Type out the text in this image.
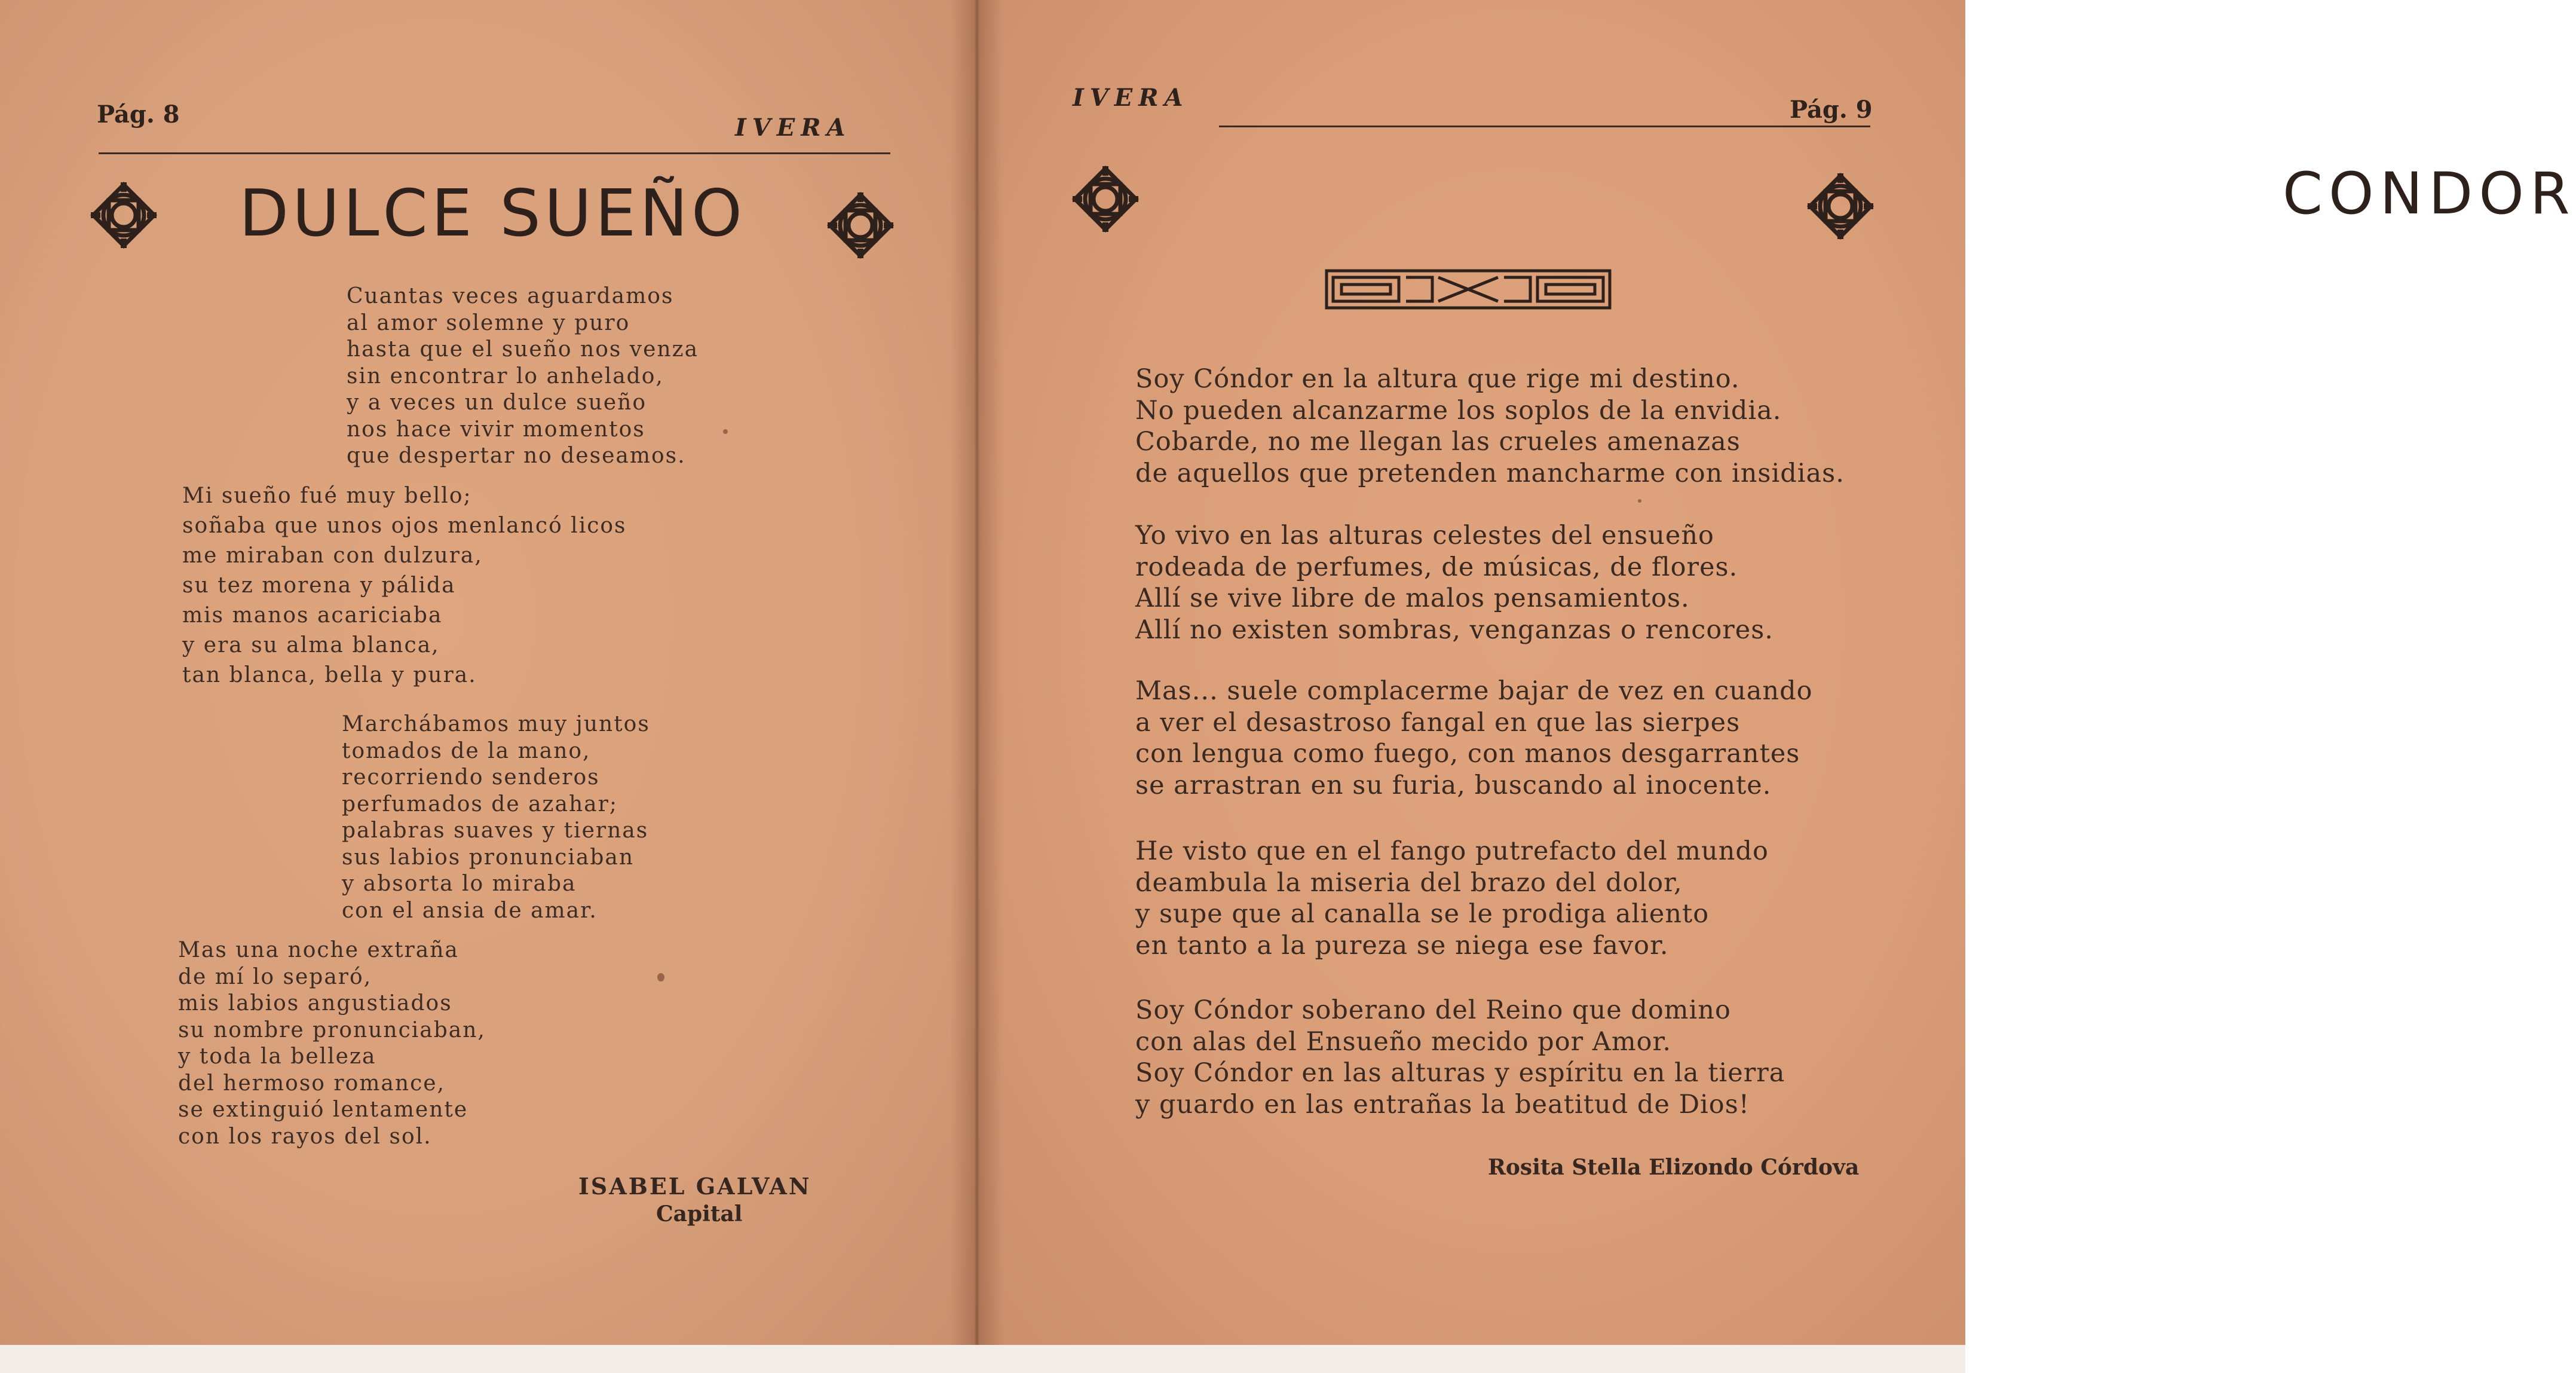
Pág. 8	IVERA
DULCE SUEÑO
Cuantas veces aguardamos
al amor solemne y puro
hasta que el sueño nos venza
sin encontrar lo anhelado,
y a veces un dulce sueño
nos hace vivir momentos
que despertar no deseamos.
Mi sueño fué muy bello;
soñaba que unos ojos menlancó licos
me miraban con dulzura,
su tez morena y pálida
mis manos acariciaba
y era su alma blanca,
tan blanca, bella y pura.
Marchábamos muy juntos
tomados de la mano,
recorriendo senderos
perfumados de azahar;
palabras suaves y tiernas
sus labios pronunciaban
y absorta lo miraba
con el ansia de amar.
Mas una noche extraña
de mí lo separó,
mis labios angustiados
su nombre pronunciaban,
y toda la belleza
del hermoso romance,
se extinguió lentamente
con los rayos del sol.
ISABEL GALVAN
Capital
IVERA	Pág. 9
CONDOR
Soy Cóndor en la altura que rige mi destino.
No pueden alcanzarme los soplos de la envidia.
Cobarde, no me llegan las crueles amenazas
de aquellos que pretenden mancharme con insidias.
Yo vivo en las alturas celestes del ensueño
rodeada de perfumes, de músicas, de flores.
Allí se vive libre de malos pensamientos.
Allí no existen sombras, venganzas o rencores.
Mas... suele complacerme bajar de vez en cuando
a ver el desastroso fangal en que las sierpes
con lengua como fuego, con manos desgarrantes
se arrastran en su furia, buscando al inocente.
He visto que en el fango putrefacto del mundo
deambula la miseria del brazo del dolor,
y supe que al canalla se le prodiga aliento
en tanto a la pureza se niega ese favor.
Soy Cóndor soberano del Reino que domino
con alas del Ensueño mecido por Amor.
Soy Cóndor en las alturas y espíritu en la tierra
y guardo en las entrañas la beatitud de Dios!
Rosita Stella Elizondo Córdova
